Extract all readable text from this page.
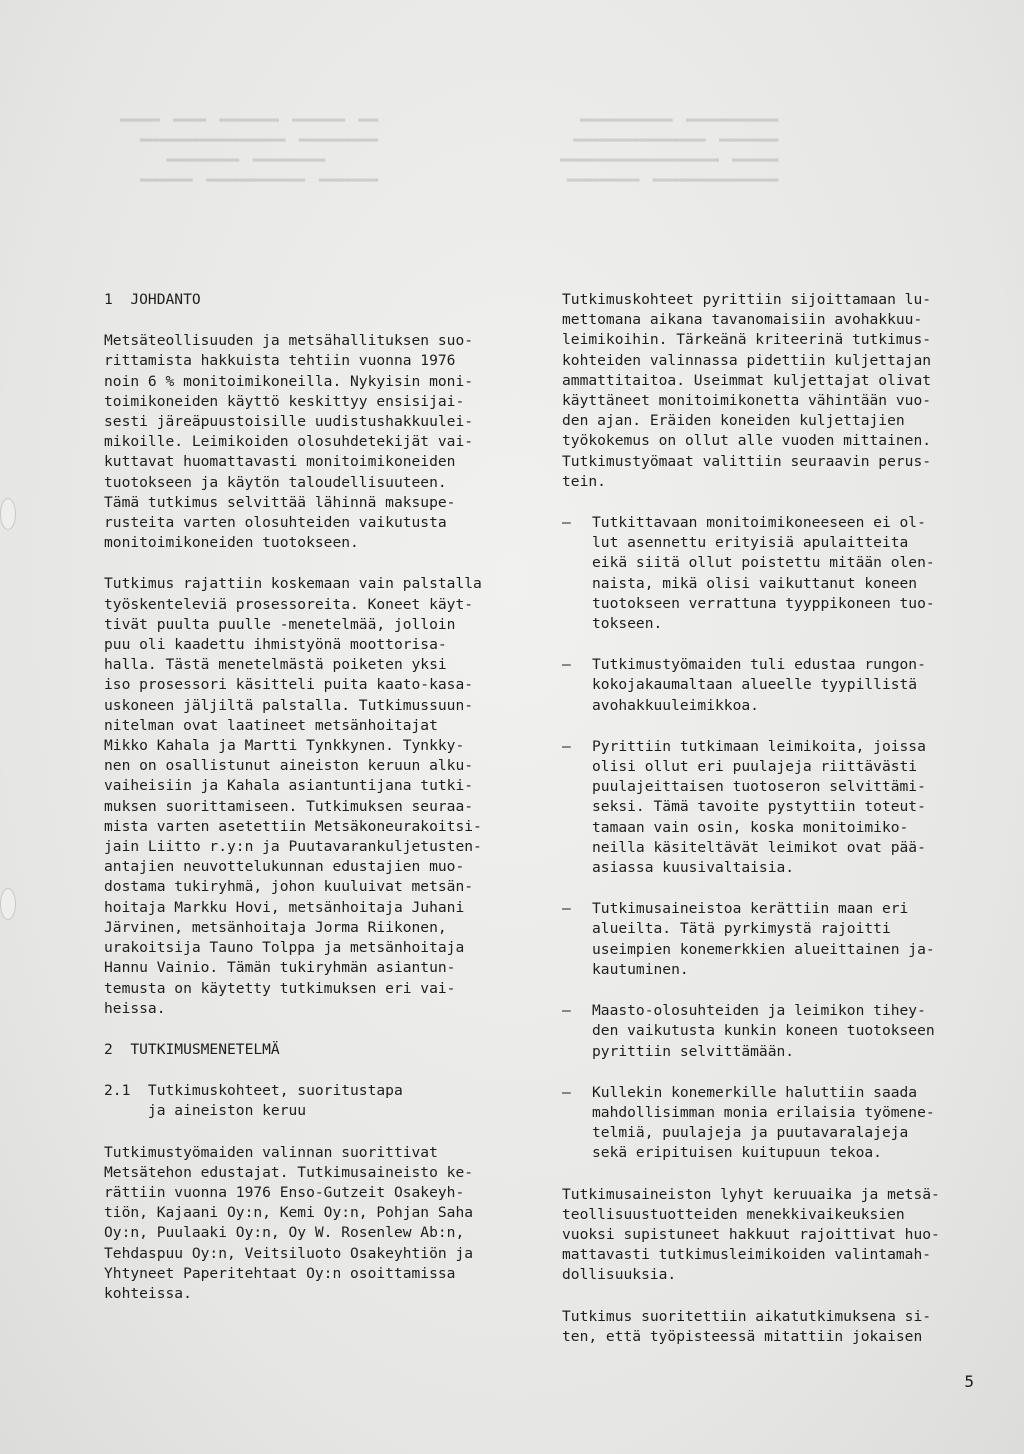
▬▬▬  ▬▬▬▬▬▬▬▬  ▬▬▬▬▬▬▬▬▬  ▬▬▬▬▬  ▬▬▬▬▬▬
▬▬▬▬▬▬▬▬▬▬▬▬  ▬▬▬▬▬▬▬▬▬▬▬▬▬▬▬▬▬▬▬▬▬▬
▬▬▬▬▬▬▬▬▬▬▬  ▬▬▬▬▬▬▬▬▬▬▬
▬▬▬▬▬▬▬▬▬  ▬▬▬▬▬▬▬▬▬▬▬▬▬▬▬  ▬▬▬▬▬▬▬▬
▬▬▬▬▬▬▬▬▬▬▬▬▬▬  ▬▬▬▬▬▬▬▬▬▬▬▬▬▬
▬▬▬▬▬▬▬▬▬  ▬▬▬▬▬▬▬▬▬▬▬▬▬▬▬▬▬▬▬▬
▬▬▬▬▬▬▬  ▬▬▬▬▬▬▬▬▬▬▬▬▬▬▬▬▬▬▬▬▬▬▬▬
▬▬▬▬▬▬▬▬▬▬▬▬▬▬▬▬▬▬▬  ▬▬▬▬▬▬▬▬▬▬▬
1  JOHDANTO
Metsäteollisuuden ja metsähallituksen suo-
rittamista hakkuista tehtiin vuonna 1976
noin 6 % monitoimikoneilla. Nykyisin moni-
toimikoneiden käyttö keskittyy ensisijai-
sesti järeäpuustoisille uudistushakkuulei-
mikoille. Leimikoiden olosuhdetekijät vai-
kuttavat huomattavasti monitoimikoneiden
tuotokseen ja käytön taloudellisuuteen.
Tämä tutkimus selvittää lähinnä maksupe-
rusteita varten olosuhteiden vaikutusta
monitoimikoneiden tuotokseen.
Tutkimus rajattiin koskemaan vain palstalla
työskenteleviä prosessoreita. Koneet käyt-
tivät puulta puulle -menetelmää, jolloin
puu oli kaadettu ihmistyönä moottorisa-
halla. Tästä menetelmästä poiketen yksi
iso prosessori käsitteli puita kaato-kasa-
uskoneen jäljiltä palstalla. Tutkimussuun-
nitelman ovat laatineet metsänhoitajat
Mikko Kahala ja Martti Tynkkynen. Tynkky-
nen on osallistunut aineiston keruun alku-
vaiheisiin ja Kahala asiantuntijana tutki-
muksen suorittamiseen. Tutkimuksen seuraa-
mista varten asetettiin Metsäkoneurakoitsi-
jain Liitto r.y:n ja Puutavarankuljetusten-
antajien neuvottelukunnan edustajien muo-
dostama tukiryhmä, johon kuuluivat metsän-
hoitaja Markku Hovi, metsänhoitaja Juhani
Järvinen, metsänhoitaja Jorma Riikonen,
urakoitsija Tauno Tolppa ja metsänhoitaja
Hannu Vainio. Tämän tukiryhmän asiantun-
temusta on käytetty tutkimuksen eri vai-
heissa.
2  TUTKIMUSMENETELMÄ
2.1  Tutkimuskohteet, suoritustapa
ja aineiston keruu
Tutkimustyömaiden valinnan suorittivat
Metsätehon edustajat. Tutkimusaineisto ke-
rättiin vuonna 1976 Enso-Gutzeit Osakeyh-
tiön, Kajaani Oy:n, Kemi Oy:n, Pohjan Saha
Oy:n, Puulaaki Oy:n, Oy W. Rosenlew Ab:n,
Tehdaspuu Oy:n, Veitsiluoto Osakeyhtiön ja
Yhtyneet Paperitehtaat Oy:n osoittamissa
kohteissa.
Tutkimuskohteet pyrittiin sijoittamaan lu-
mettomana aikana tavanomaisiin avohakkuu-
leimikoihin. Tärkeänä kriteerinä tutkimus-
kohteiden valinnassa pidettiin kuljettajan
ammattitaitoa. Useimmat kuljettajat olivat
käyttäneet monitoimikonetta vähintään vuo-
den ajan. Eräiden koneiden kuljettajien
työkokemus on ollut alle vuoden mittainen.
Tutkimustyömaat valittiin seuraavin perus-
tein.
–	Tutkittavaan monitoimikoneeseen ei ol-
lut asennettu erityisiä apulaitteita
eikä siitä ollut poistettu mitään olen-
naista, mikä olisi vaikuttanut koneen
tuotokseen verrattuna tyyppikoneen tuo-
tokseen.
–	Tutkimustyömaiden tuli edustaa rungon-
kokojakaumaltaan alueelle tyypillistä
avohakkuuleimikkoa.
–	Pyrittiin tutkimaan leimikoita, joissa
olisi ollut eri puulajeja riittävästi
puulajeittaisen tuotoseron selvittämi-
seksi. Tämä tavoite pystyttiin toteut-
tamaan vain osin, koska monitoimiko-
neilla käsiteltävät leimikot ovat pää-
asiassa kuusivaltaisia.
–	Tutkimusaineistoa kerättiin maan eri
alueilta. Tätä pyrkimystä rajoitti
useimpien konemerkkien alueittainen ja-
kautuminen.
–	Maasto-olosuhteiden ja leimikon tihey-
den vaikutusta kunkin koneen tuotokseen
pyrittiin selvittämään.
–	Kullekin konemerkille haluttiin saada
mahdollisimman monia erilaisia työmene-
telmiä, puulajeja ja puutavaralajeja
sekä eripituisen kuitupuun tekoa.
Tutkimusaineiston lyhyt keruuaika ja metsä-
teollisuustuotteiden menekkivaikeuksien
vuoksi supistuneet hakkuut rajoittivat huo-
mattavasti tutkimusleimikoiden valintamah-
dollisuuksia.
Tutkimus suoritettiin aikatutkimuksena si-
ten, että työpisteessä mitattiin jokaisen
5
